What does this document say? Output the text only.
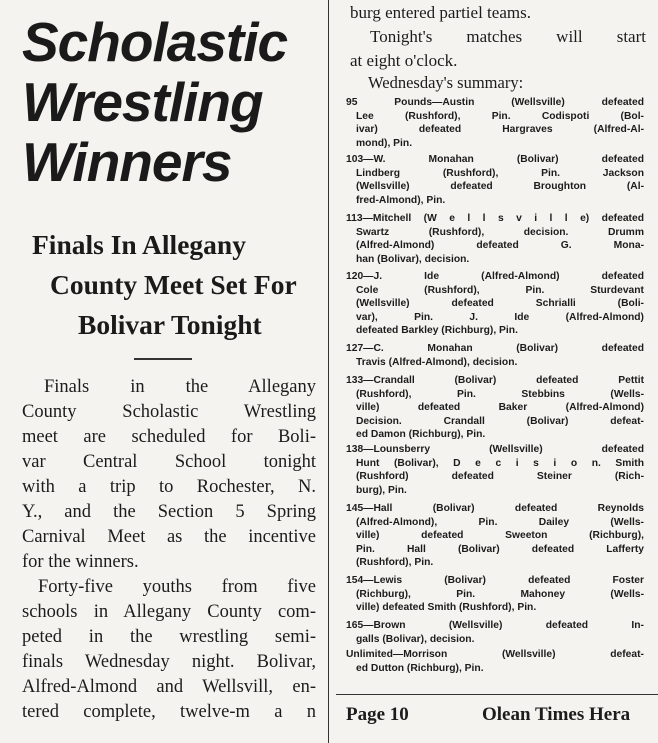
Scholastic
Wrestling
Winners
Finals In Allegany
County Meet Set For
Bolivar Tonight

Finals in the Allegany

County Scholastic Wrestling

meet are scheduled for Boli-

var Central School tonight

with a trip to Rochester, N.

Y., and the Section 5 Spring

Carnival Meet as the incentive

for the winners.

Forty-five youths from five

schools in Allegany County com-

peted in the wrestling semi-

finals Wednesday night. Bolivar,

Alfred-Almond and Wellsvill, en-

tered complete, twelve-m a n

burg entered partiel teams.

Tonight's matches will start

at eight o'clock.

Wednesday's summary:

95 Pounds—Austin (Wellsville) defeated
Lee (Rushford), Pin. Codispoti (Bol-
ivar) defeated Hargraves (Alfred-Al-
mond), Pin.
103—W. Monahan (Bolivar) defeated
Lindberg (Rushford), Pin. Jackson
(Wellsville) defeated Broughton (Al-
fred-Almond), Pin.
113—Mitchell (W e l l s v i l l e) defeated
Swartz (Rushford), decision. Drumm
(Alfred-Almond) defeated G. Mona-
han (Bolivar), decision.
120—J. Ide (Alfred-Almond) defeated
Cole (Rushford), Pin. Sturdevant
(Wellsville) defeated Schrialli (Boli-
var), Pin. J. Ide (Alfred-Almond)
defeated Barkley (Richburg), Pin.
127—C. Monahan (Bolivar) defeated
Travis (Alfred-Almond), decision.
133—Crandall (Bolivar) defeated Pettit
(Rushford), Pin. Stebbins (Wells-
ville) defeated Baker (Alfred-Almond)
Decision. Crandall (Bolivar) defeat-
ed Damon (Richburg), Pin.
138—Lounsberry (Wellsville) defeated
Hunt (Bolivar), D e c i s i o n. Smith
(Rushford) defeated Steiner (Rich-
burg), Pin.
145—Hall (Bolivar) defeated Reynolds
(Alfred-Almond), Pin. Dailey (Wells-
ville) defeated Sweeton (Richburg),
Pin. Hall (Bolivar) defeated Lafferty
(Rushford), Pin.
154—Lewis (Bolivar) defeated Foster
(Richburg), Pin. Mahoney (Wells-
ville) defeated Smith (Rushford), Pin.
165—Brown (Wellsville) defeated In-
galls (Bolivar), decision.
Unlimited—Morrison (Wellsville) defeat-
ed Dutton (Richburg), Pin.

Page 10	Olean Times Hera
